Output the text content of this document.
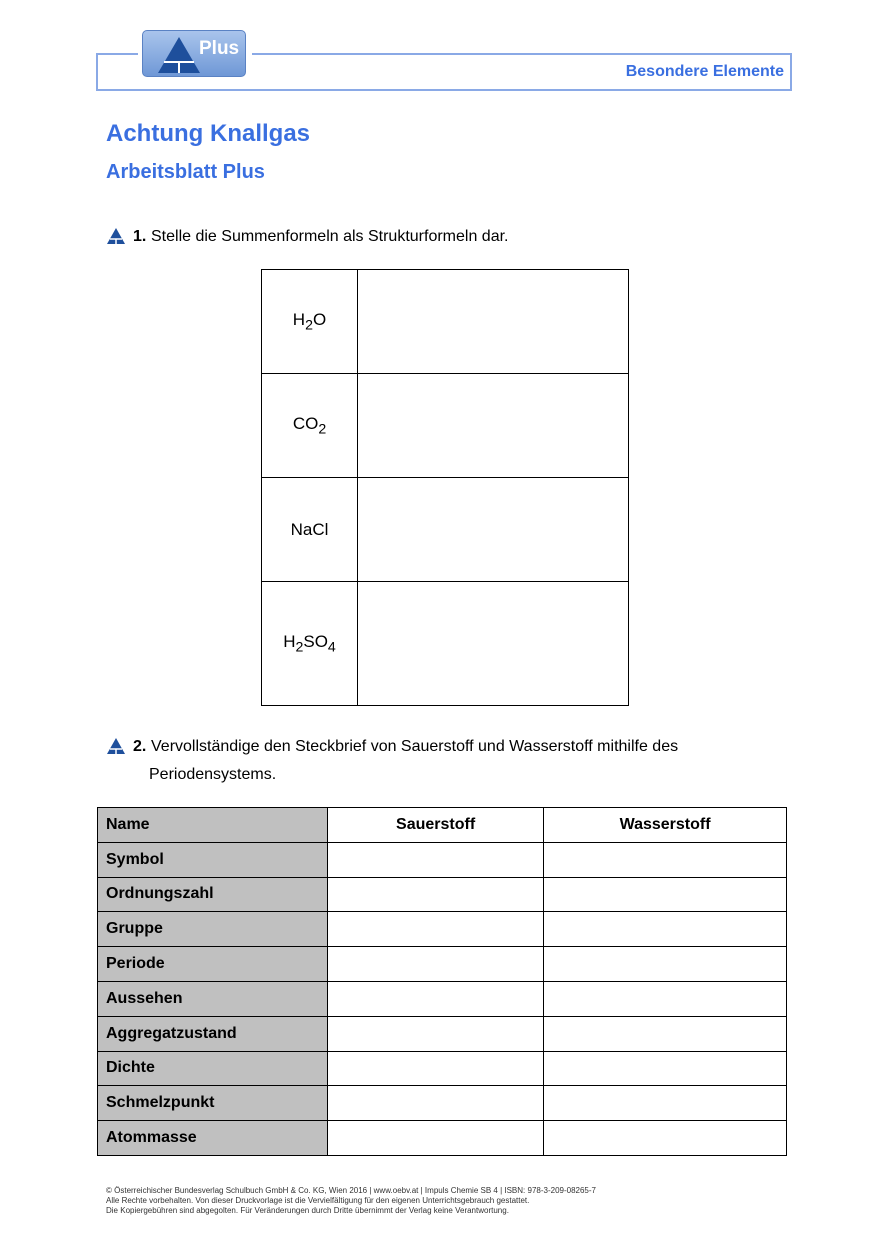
Plus
Besondere Elemente
Achtung Knallgas
Arbeitsblatt Plus
1. Stelle die Summenformeln als Strukturformeln dar.
$H_2O$	
$CO_2$	
NaCl	
$H_2SO_4$	
2. Vervollständige den Steckbrief von Sauerstoff und Wasserstoff mithilfe des
Periodensystems.
Name	Sauerstoff	Wasserstoff
Symbol		
Ordnungszahl		
Gruppe		
Periode		
Aussehen		
Aggregatzustand		
Dichte		
Schmelzpunkt		
Atommasse		
© Österreichischer Bundesverlag Schulbuch GmbH & Co. KG, Wien 2016 | www.oebv.at | Impuls Chemie SB 4 | ISBN: 978-3-209-08265-7
Alle Rechte vorbehalten. Von dieser Druckvorlage ist die Vervielfältigung für den eigenen Unterrichtsgebrauch gestattet.
Die Kopiergebühren sind abgegolten. Für Veränderungen durch Dritte übernimmt der Verlag keine Verantwortung.
